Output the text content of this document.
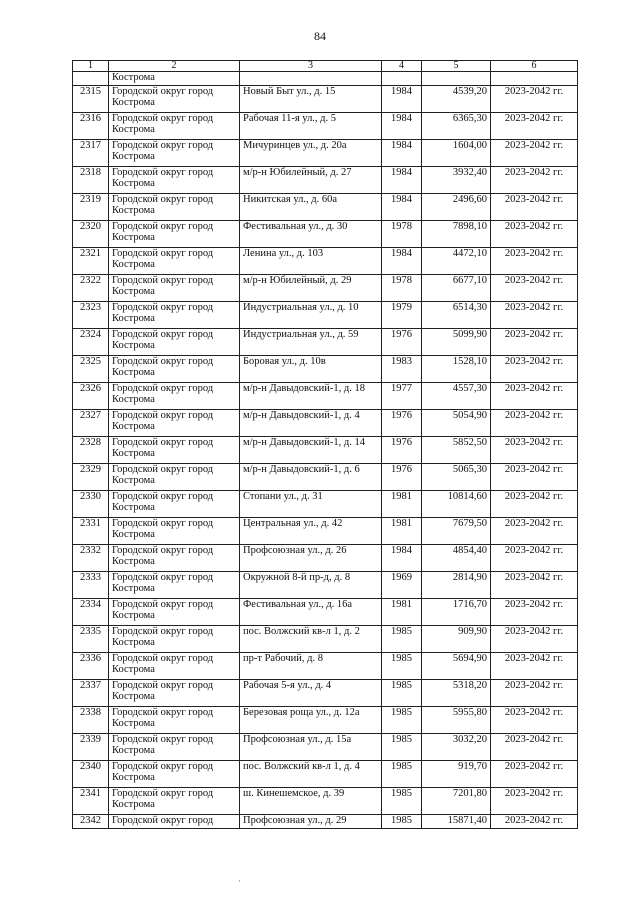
84
1	2	3	4	5	6
	Кострома				
2315	Городской округ город Кострома	Новый Быт ул., д. 15	1984	4539,20	2023-2042 гг.
2316	Городской округ город Кострома	Рабочая 11-я ул., д. 5	1984	6365,30	2023-2042 гг.
2317	Городской округ город Кострома	Мичуринцев ул., д. 20а	1984	1604,00	2023-2042 гг.
2318	Городской округ город Кострома	м/р-н Юбилейный, д. 27	1984	3932,40	2023-2042 гг.
2319	Городской округ город Кострома	Никитская ул., д. 60а	1984	2496,60	2023-2042 гг.
2320	Городской округ город Кострома	Фестивальная ул., д. 30	1978	7898,10	2023-2042 гг.
2321	Городской округ город Кострома	Ленина ул., д. 103	1984	4472,10	2023-2042 гг.
2322	Городской округ город Кострома	м/р-н Юбилейный, д. 29	1978	6677,10	2023-2042 гг.
2323	Городской округ город Кострома	Индустриальная ул., д. 10	1979	6514,30	2023-2042 гг.
2324	Городской округ город Кострома	Индустриальная ул., д. 59	1976	5099,90	2023-2042 гг.
2325	Городской округ город Кострома	Боровая ул., д. 10в	1983	1528,10	2023-2042 гг.
2326	Городской округ город Кострома	м/р-н Давыдовский-1, д. 18	1977	4557,30	2023-2042 гг.
2327	Городской округ город Кострома	м/р-н Давыдовский-1, д. 4	1976	5054,90	2023-2042 гг.
2328	Городской округ город Кострома	м/р-н Давыдовский-1, д. 14	1976	5852,50	2023-2042 гг.
2329	Городской округ город Кострома	м/р-н Давыдовский-1, д. 6	1976	5065,30	2023-2042 гг.
2330	Городской округ город Кострома	Стопани ул., д. 31	1981	10814,60	2023-2042 гг.
2331	Городской округ город Кострома	Центральная ул., д. 42	1981	7679,50	2023-2042 гг.
2332	Городской округ город Кострома	Профсоюзная ул., д. 26	1984	4854,40	2023-2042 гг.
2333	Городской округ город Кострома	Окружной 8-й пр-д, д. 8	1969	2814,90	2023-2042 гг.
2334	Городской округ город Кострома	Фестивальная ул., д. 16а	1981	1716,70	2023-2042 гг.
2335	Городской округ город Кострома	пос. Волжский кв-л 1, д. 2	1985	909,90	2023-2042 гг.
2336	Городской округ город Кострома	пр-т Рабочий, д. 8	1985	5694,90	2023-2042 гг.
2337	Городской округ город Кострома	Рабочая 5-я ул., д. 4	1985	5318,20	2023-2042 гг.
2338	Городской округ город Кострома	Березовая роща ул., д. 12а	1985	5955,80	2023-2042 гг.
2339	Городской округ город Кострома	Профсоюзная ул., д. 15а	1985	3032,20	2023-2042 гг.
2340	Городской округ город Кострома	пос. Волжский кв-л 1, д. 4	1985	919,70	2023-2042 гг.
2341	Городской округ город Кострома	ш. Кинешемское, д. 39	1985	7201,80	2023-2042 гг.
2342	Городской округ город	Профсоюзная ул., д. 29	1985	15871,40	2023-2042 гг.
·
